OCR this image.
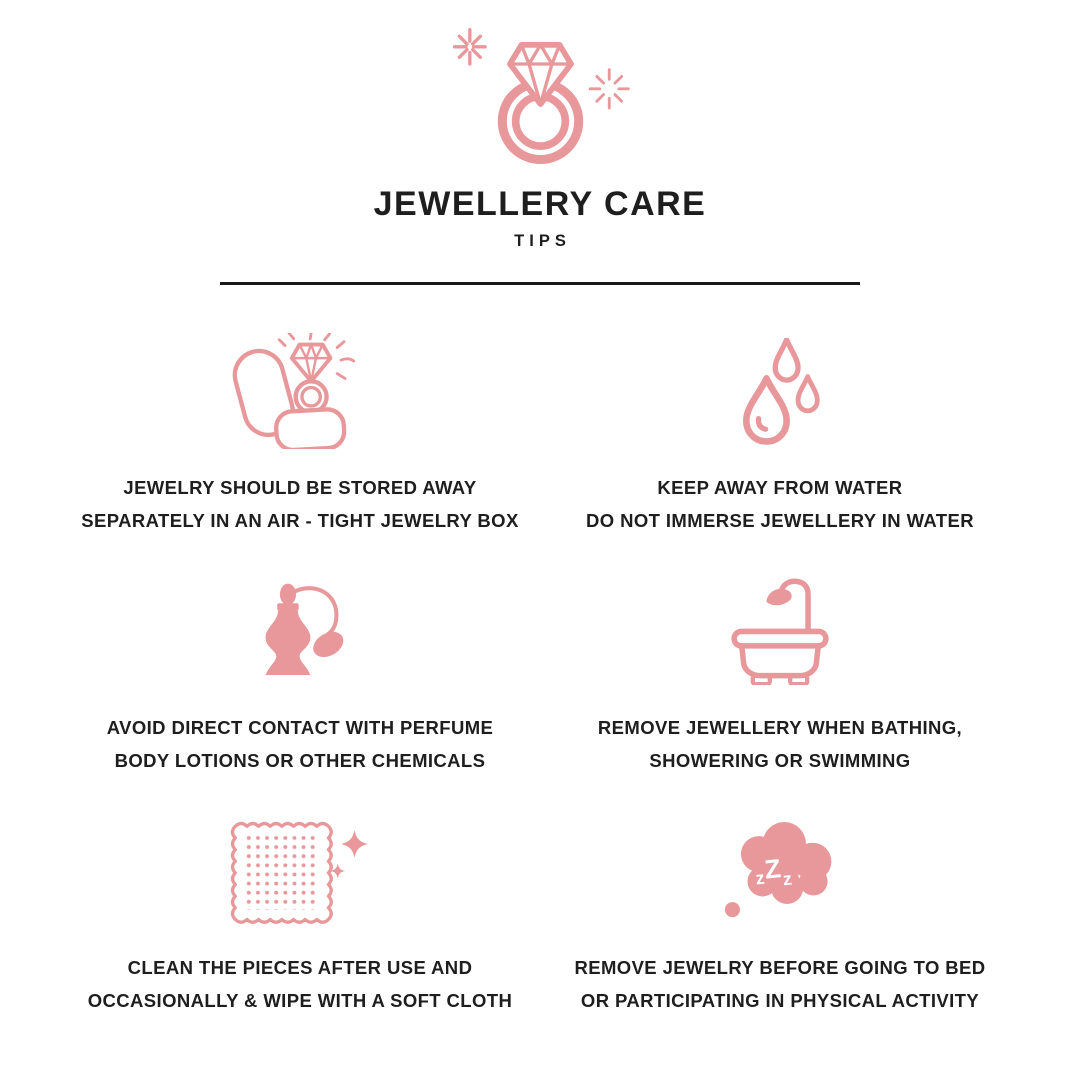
JEWELLERY CARE
TIPS
JEWELRY SHOULD BE STORED AWAY
SEPARATELY IN AN AIR - TIGHT JEWELRY BOX
KEEP AWAY FROM WATER
DO NOT IMMERSE JEWELLERY IN WATER
AVOID DIRECT CONTACT WITH PERFUME
BODY LOTIONS OR OTHER CHEMICALS
REMOVE JEWELLERY WHEN BATHING,
SHOWERING OR SWIMMING
CLEAN THE PIECES AFTER USE AND
OCCASIONALLY & WIPE WITH A SOFT CLOTH
zZz
REMOVE JEWELRY BEFORE GOING TO BED
OR PARTICIPATING IN PHYSICAL ACTIVITY
